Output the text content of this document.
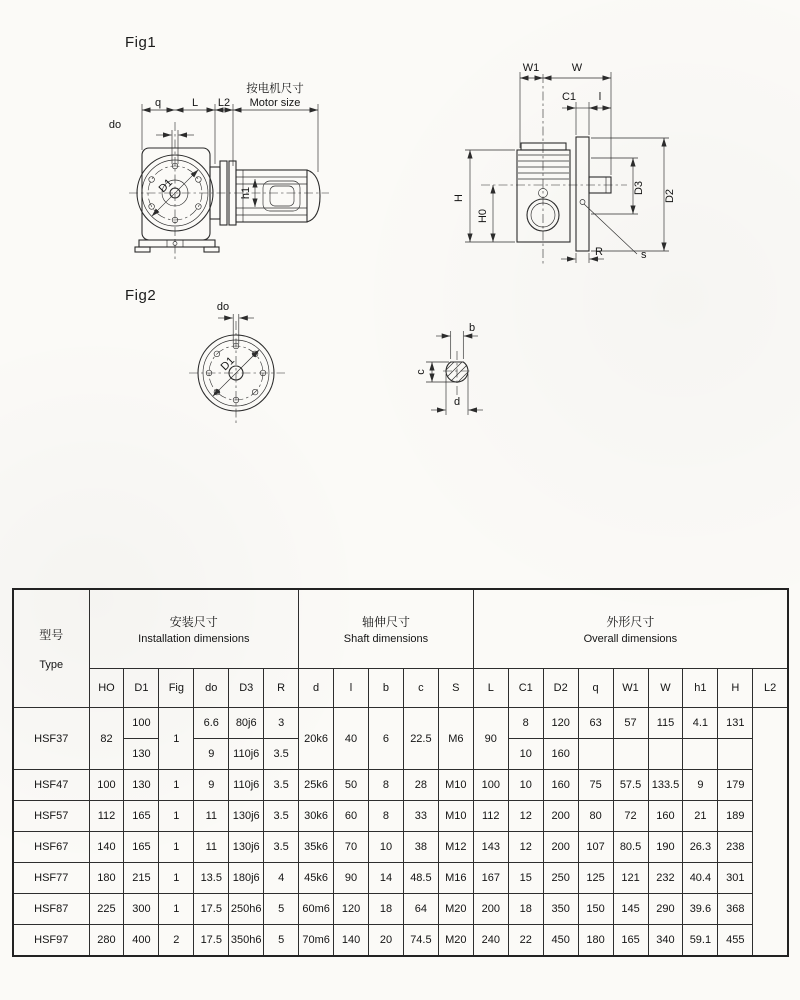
Fig1
q	L L2
按电机尺寸
Motor size
do
D1	h1
W1	W
C1 l
H
H0
D3
D2
R	s
Fig2
do
D1
b
c
d
型号
Type

安装尺寸
Installation dimensions

轴伸尺寸
Shaft dimensions

外形尺寸
Overall dimensions

	HO	D1	Fig	do	D3	R	d	l	b	c	S	L	C1	D2	q	W1	W	h1	H	L2
HSF37	82	100	1	6.6	80j6	3	20k6	40	6	22.5	M6	90	8	120	63	57	115	4.1	131	
		130		9	110j6	3.5							10	160						
HSF47	100	130	1	9	110j6	3.5	25k6	50	8	28	M10	100	10	160	75	57.5	133.5	9	179	
HSF57	112	165	1	11	130j6	3.5	30k6	60	8	33	M10	112	12	200	80	72	160	21	189	
HSF67	140	165	1	11	130j6	3.5	35k6	70	10	38	M12	143	12	200	107	80.5	190	26.3	238	
HSF77	180	215	1	13.5	180j6	4	45k6	90	14	48.5	M16	167	15	250	125	121	232	40.4	301	
HSF87	225	300	1	17.5	250h6	5	60m6	120	18	64	M20	200	18	350	150	145	290	39.6	368	
HSF97	280	400	2	17.5	350h6	5	70m6	140	20	74.5	M20	240	22	450	180	165	340	59.1	455	
